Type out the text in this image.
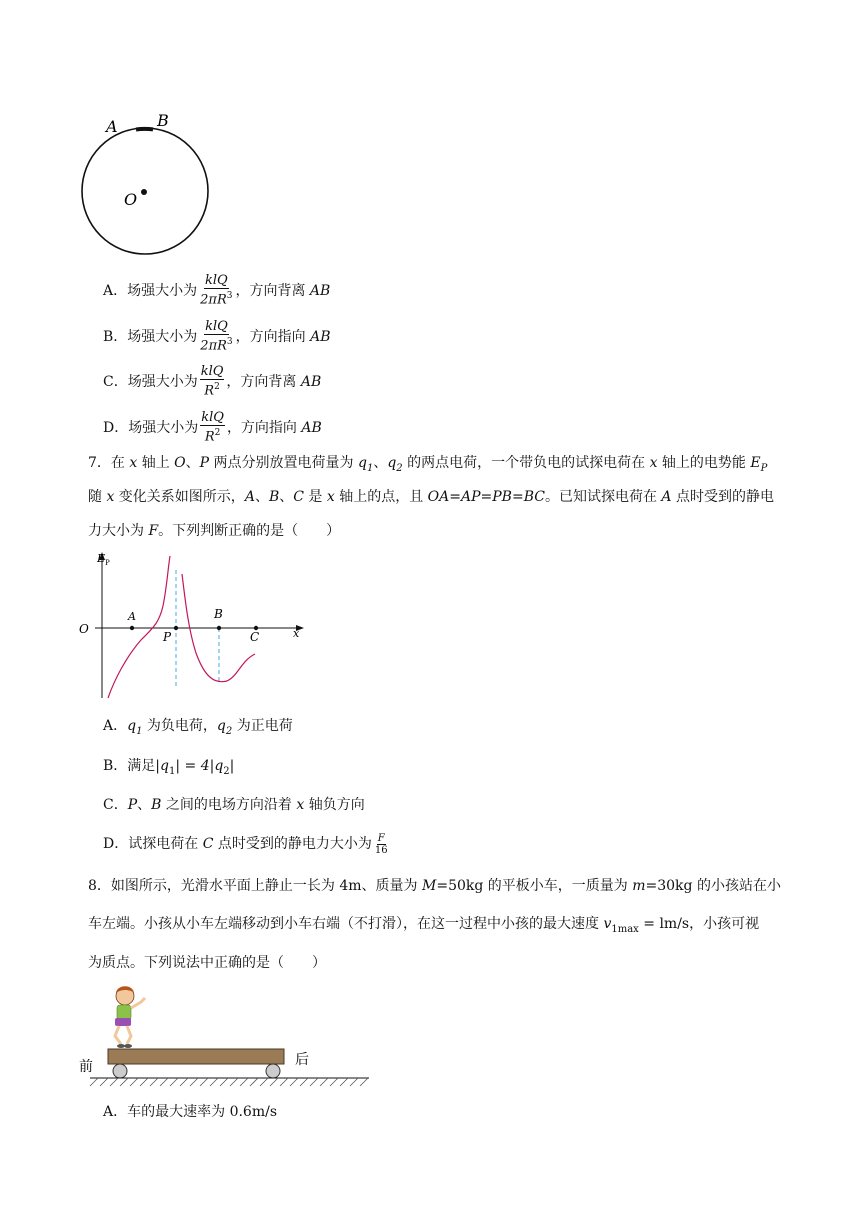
A B
O
A．场强大小为 $\frac{\text{klQ}}{2\pi R^3}$ ，方向背离 AB
B．场强大小为 $\frac{\text{klQ}}{2\pi R^3}$ ，方向指向 AB
C．场强大小为 $\frac{\text{klQ}}{R^2}$ ，方向背离 AB
D．场强大小为 $\frac{\text{klQ}}{R^2}$ ，方向指向 AB
7．在 x 轴上 O、P 两点分别放置电荷量为 $q_1$、$q_2$ 的两点电荷，一个带负电的试探电荷在 x 轴上的电势能 $E_P$
随 x 变化关系如图所示，A、B、C 是 x 轴上的点，且 OA=AP=PB=BC。已知试探电荷在 A 点时受到的静电
力大小为 F。下列判断正确的是（　　）
E P
O
A
P
B
C	x
A．$q_1$ 为负电荷，$q_2$ 为正电荷
B．满足$|q_1| = 4|q_2|$
C．P、B 之间的电场方向沿着 x 轴负方向
D．试探电荷在 C 点时受到的静电力大小为 $\frac{F}{16}$
8．如图所示，光滑水平面上静止一长为 4m、质量为 M=50kg 的平板小车，一质量为 m=30kg 的小孩站在小
车左端。小孩从小车左端移动到小车右端（不打滑），在这一过程中小孩的最大速度 $v_{1max} = lm/s$，小孩可视
为质点。下列说法中正确的是（　　）
前	后
A．车的最大速率为 0.6m/s
